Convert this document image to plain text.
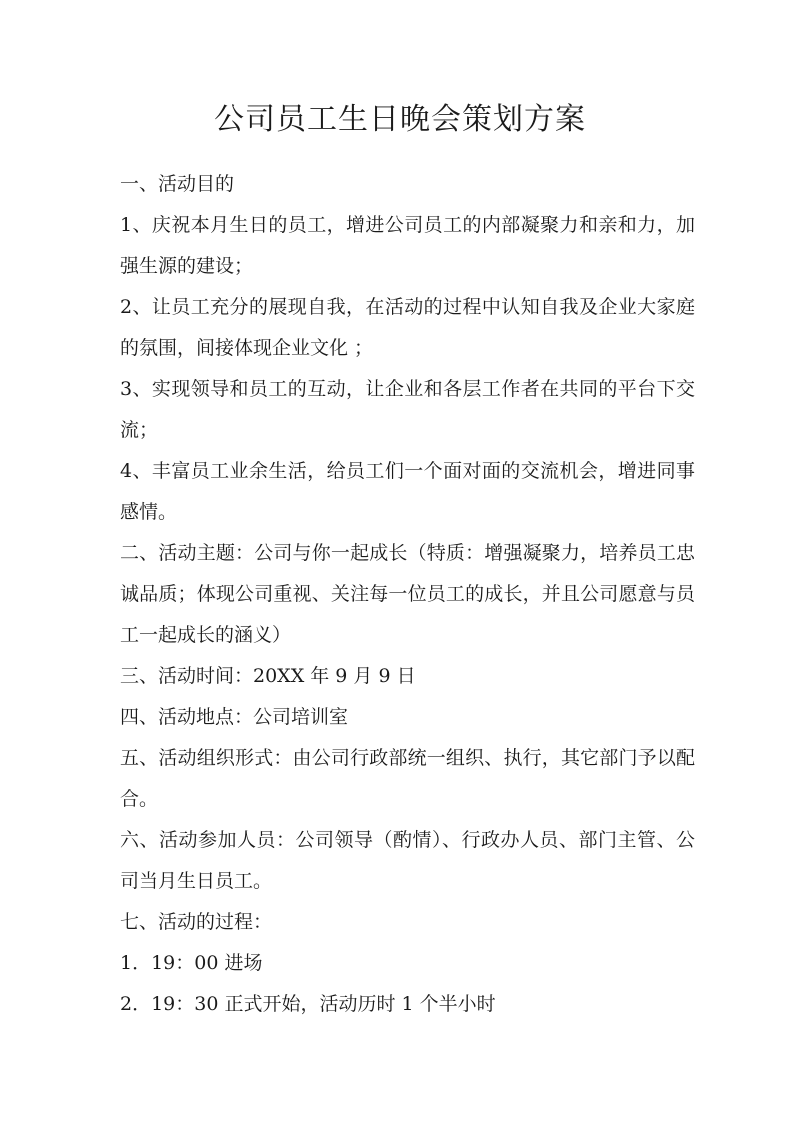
公司员工生日晚会策划方案

一、活动目的

1、庆祝本月生日的员工，增进公司员工的内部凝聚力和亲和力，加强生源的建设；

2、让员工充分的展现自我，在活动的过程中认知自我及企业大家庭的氛围，间接体现企业文化 ；

3、实现领导和员工的互动，让企业和各层工作者在共同的平台下交流；

4、丰富员工业余生活，给员工们一个面对面的交流机会，增进同事感情。

二、活动主题：公司与你一起成长（特质：增强凝聚力，培养员工忠诚品质；体现公司重视、关注每一位员工的成长，并且公司愿意与员工一起成长的涵义）

三、活动时间：20XX 年 9 月 9 日

四、活动地点：公司培训室

五、活动组织形式：由公司行政部统一组织、执行，其它部门予以配合。

六、活动参加人员：公司领导（酌情）、行政办人员、部门主管、公司当月生日员工。

七、活动的过程：

1．19：00 进场

2．19：30 正式开始，活动历时 1 个半小时
